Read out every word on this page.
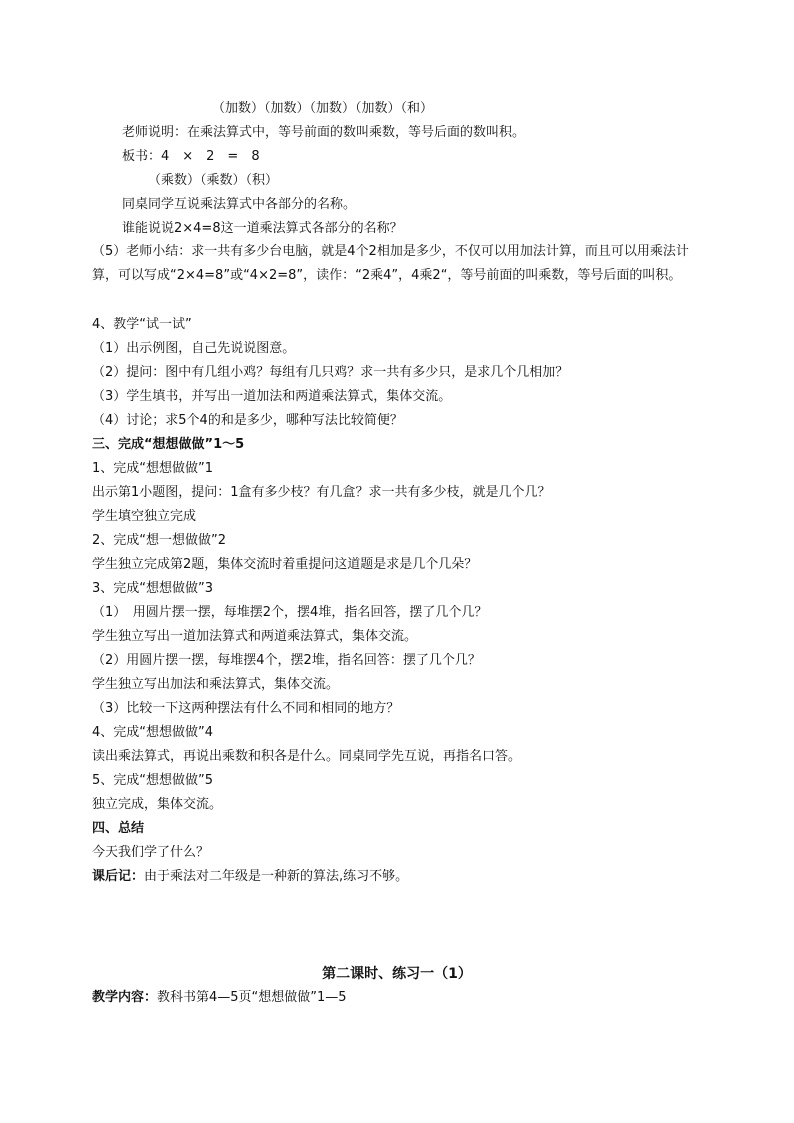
（加数）（加数）（加数）（加数）（和）
老师说明：在乘法算式中，等号前面的数叫乘数，等号后面的数叫积。
板书：4　×　2　=　8
（乘数）（乘数）（积）
同桌同学互说乘法算式中各部分的名称。
谁能说说2×4=8这一道乘法算式各部分的名称？
（5）老师小结：求一共有多少台电脑，就是4个2相加是多少，不仅可以用加法计算，而且可以用乘法计算，可以写成“2×4=8”或“4×2=8”，读作：“2乘4”，4乘2“，等号前面的叫乘数，等号后面的叫积。
4、教学“试一试”
（1）出示例图，自己先说说图意。
（2）提问：图中有几组小鸡？每组有几只鸡？求一共有多少只，是求几个几相加？
（3）学生填书，并写出一道加法和两道乘法算式，集体交流。
（4）讨论；求5个4的和是多少，哪种写法比较简便？
三、完成“想想做做”1～5
1、完成“想想做做”1
出示第1小题图，提问：1盒有多少枝？有几盒？求一共有多少枝，就是几个几？
学生填空独立完成
2、完成“想一想做做”2
学生独立完成第2题，集体交流时着重提问这道题是求是几个几朵？
3、完成“想想做做”3
（1）　用圆片摆一摆，每堆摆2个，摆4堆，指名回答，摆了几个几？
学生独立写出一道加法算式和两道乘法算式，集体交流。
（2）用圆片摆一摆，每堆摆4个，摆2堆，指名回答：摆了几个几？
学生独立写出加法和乘法算式，集体交流。
（3）比较一下这两种摆法有什么不同和相同的地方？
4、完成“想想做做”4
读出乘法算式，再说出乘数和积各是什么。同桌同学先互说，再指名口答。
5、完成“想想做做”5
独立完成，集体交流。
四、总结
今天我们学了什么？
课后记：由于乘法对二年级是一种新的算法,练习不够。
第二课时、练习一（1）
教学内容：教科书第4—5页“想想做做”1—5
